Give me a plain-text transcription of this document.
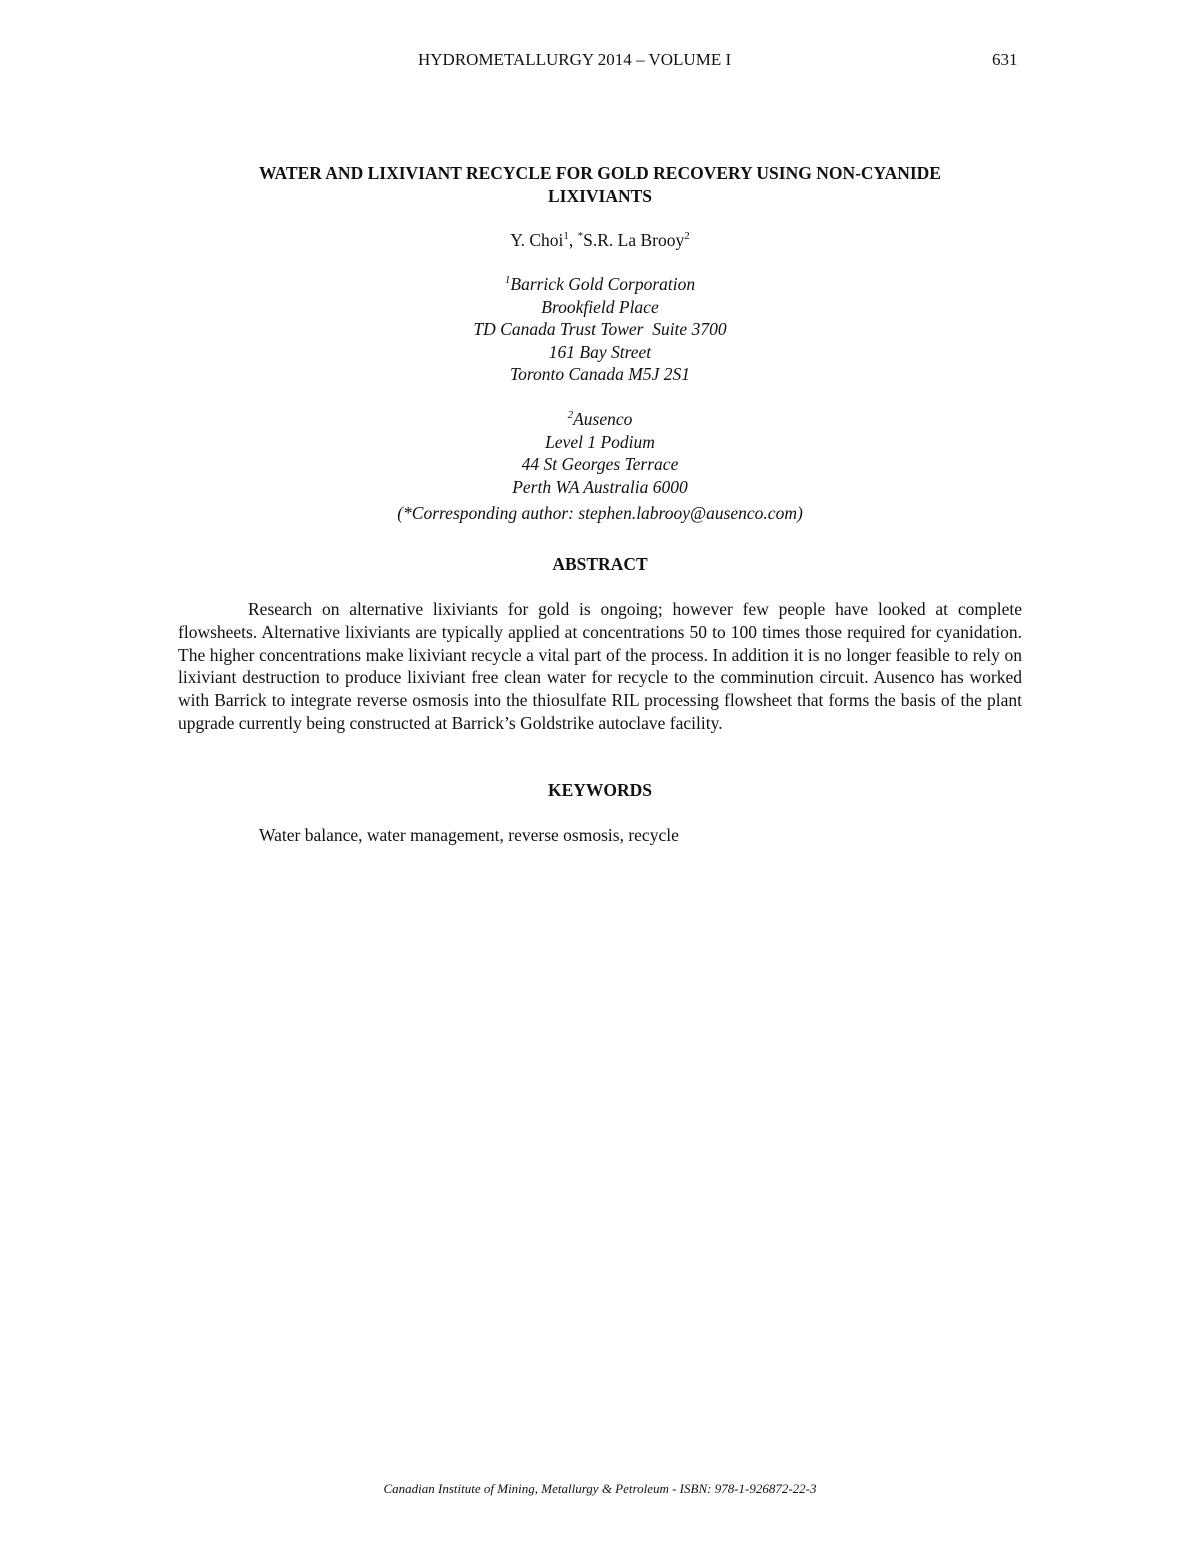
HYDROMETALLURGY 2014 – VOLUME I	631
WATER AND LIXIVIANT RECYCLE FOR GOLD RECOVERY USING NON-CYANIDE
LIXIVIANTS
Y. Choi$^1$, *S.R. La Brooy$^2$
$^1$Barrick Gold Corporation
Brookfield Place
TD Canada Trust Tower  Suite 3700
161 Bay Street
Toronto Canada M5J 2S1
$^2$Ausenco
Level 1 Podium
44 St Georges Terrace
Perth WA Australia 6000
(*Corresponding author: stephen.labrooy@ausenco.com)
ABSTRACT

Research on alternative lixiviants for gold is ongoing; however few people have looked at complete flowsheets. Alternative lixiviants are typically applied at concentrations 50 to 100 times those required for cyanidation. The higher concentrations make lixiviant recycle a vital part of the process. In addition it is no longer feasible to rely on lixiviant destruction to produce lixiviant free clean water for recycle to the comminution circuit. Ausenco has worked with Barrick to integrate reverse osmosis into the thiosulfate RIL processing flowsheet that forms the basis of the plant upgrade currently being constructed at Barrick’s Goldstrike autoclave facility.

KEYWORDS
Water balance, water management, reverse osmosis, recycle
Canadian Institute of Mining, Metallurgy & Petroleum - ISBN: 978-1-926872-22-3
